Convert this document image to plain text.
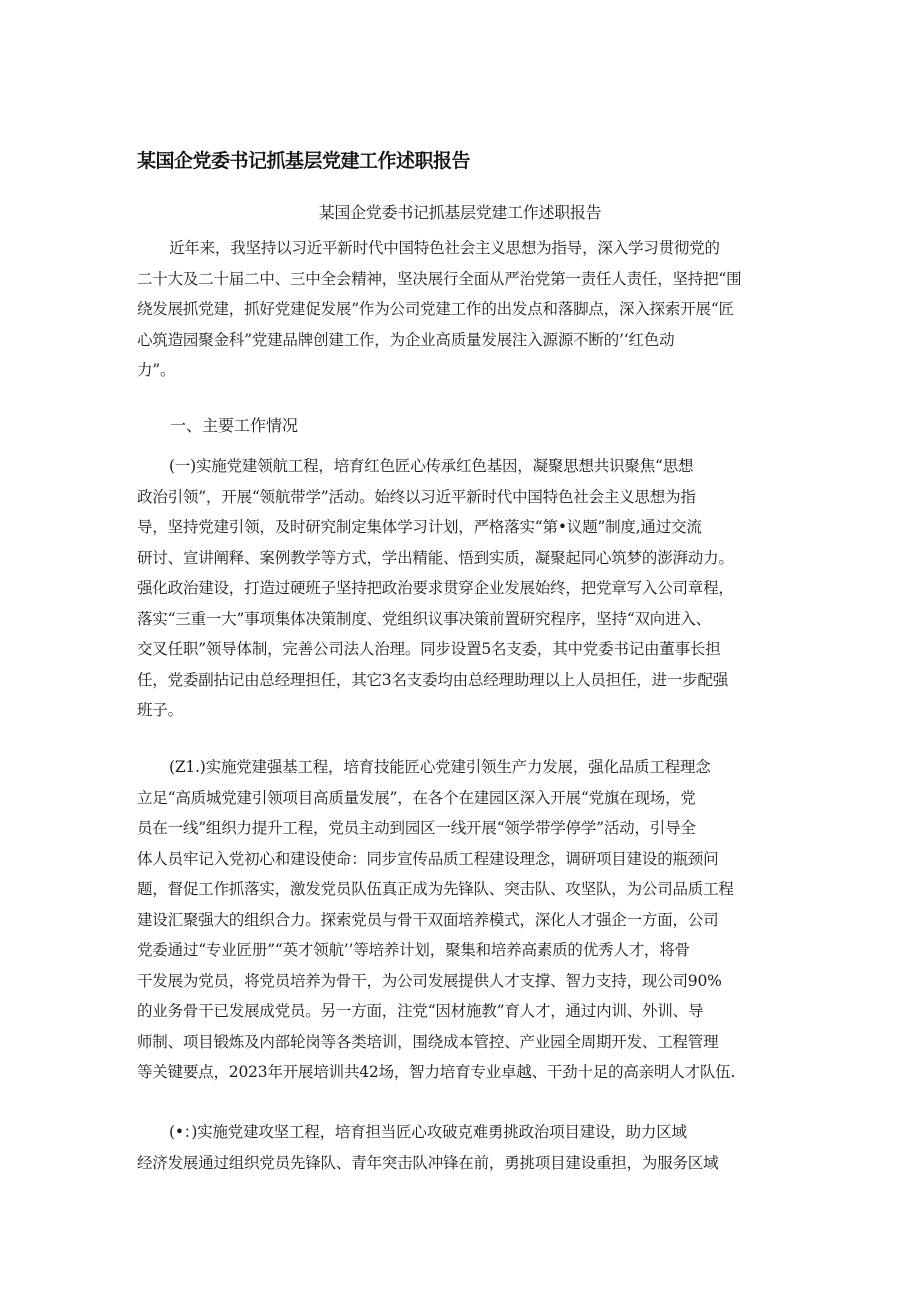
某国企党委书记抓基层党建工作述职报告
某国企党委书记抓基层党建工作述职报告
近年来，我坚持以习近平新时代中国特色社会主义思想为指导，深入学习贯彻党的
二十大及二十届二中、三中全会精神，坚决展行全面从严治党第一责任人责任，坚持把“围
绕发展抓党建，抓好党建促发展”作为公司党建工作的出发点和落脚点，深入探索开展“匠
心筑造园聚金科”党建品牌创建工作，为企业高质量发展注入源源不断的’‘红色动
力”。
一、主要工作情况
(一)实施党建领航工程，培育红色匠心传承红色基因，凝聚思想共识聚焦“思想
政治引领”，开展“领航带学”活动。始终以习近平新时代中国特色社会主义思想为指
导，坚持党建引领，及时研究制定集体学习计划，严格落实“第•议题”制度,通过交流
研讨、宣讲阐释、案例教学等方式，学出精能、悟到实质，凝聚起同心筑梦的澎湃动力。
强化政治建设，打造过硬班子坚持把政治要求贯穿企业发展始终，把党章写入公司章程，
落实“三重一大”事项集体决策制度、党组织议事决策前置研究程序，坚持“双向进入、
交叉任职”领导体制，完善公司法人治理。同步设置5名支委，其中党委书记由董事长担
任，党委副拈记由总经理担任，其它3名支委均由总经理助理以上人员担任，进一步配强
班子。
(Z1.)实施党建强基工程，培育技能匠心党建引领生产力发展，强化品质工程理念
立足“高质城党建引领项目高质量发展”，在各个在建园区深入开展“党旗在现场，党
员在一线”组织力提升工程，党员主动到园区一线开展“领学带学停学”活动，引导全
体人员牢记入党初心和建设使命：同步宣传品质工程建设理念，调研项目建设的瓶颈问
题，督促工作抓落实，激发党员队伍真正成为先锋队、突击队、攻坚队，为公司品质工程
建设汇聚强大的组织合力。探索党员与骨干双面培养模式，深化人才强企一方面，公司
党委通过“专业匠册”“英才领航’’等培养计划，聚集和培养高素质的优秀人才，将骨
干发展为党员，将党员培养为骨干，为公司发展提供人才支撑、智力支持，现公司90%
的业务骨干已发展成党员。另一方面，注党“因材施教”育人才，通过内训、外训、导
师制、项目锻炼及内部轮岗等各类培训，围绕成本管控、产业园全周期开发、工程管理
等关键要点，2023年开展培训共42场，智力培育专业卓越、干劲十足的高亲明人才队伍.
(•：)实施党建攻坚工程，培育担当匠心攻破克难勇挑政治项目建设，助力区域
经济发展通过组织党员先锋队、青年突击队冲锋在前，勇挑项目建设重担，为服务区域
